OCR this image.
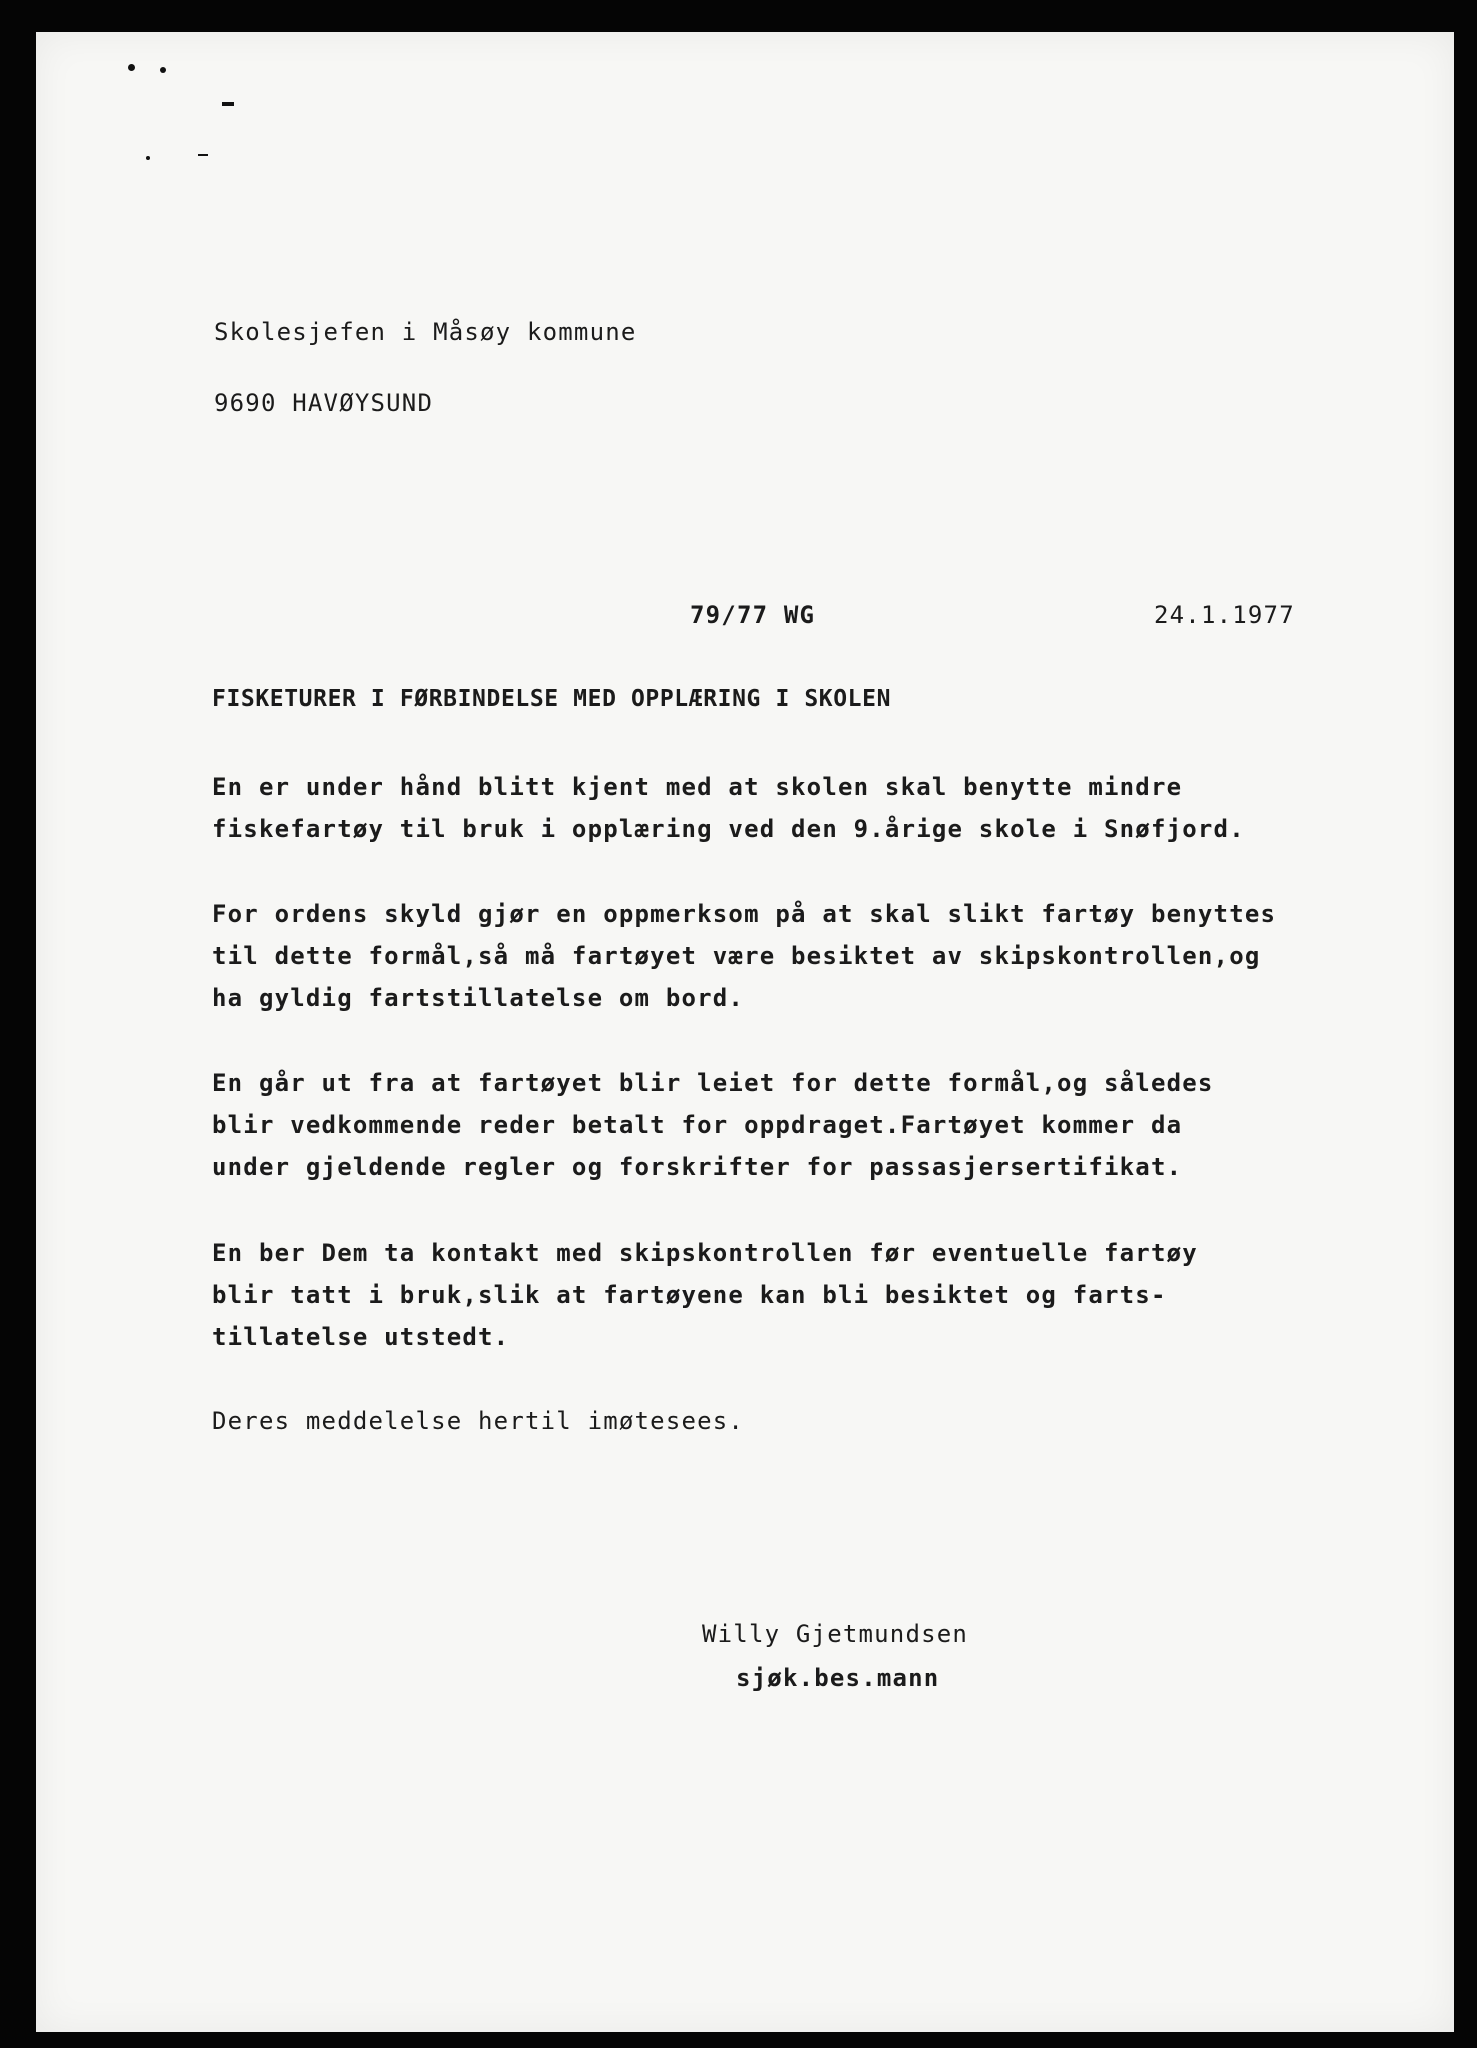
Skolesjefen i Måsøy kommune

9690 HAVØYSUND

79/77 WG	24.1.1977

FISKETURER I FØRBINDELSE MED OPPLÆRING I SKOLEN

En er under hånd blitt kjent med at skolen skal benytte mindre
fiskefartøy til bruk i opplæring ved den 9.årige skole i Snøfjord.
For ordens skyld gjør en oppmerksom på at skal slikt fartøy benyttes
til dette formål,så må fartøyet være besiktet av skipskontrollen,og
ha gyldig fartstillatelse om bord.
En går ut fra at fartøyet blir leiet for dette formål,og således
blir vedkommende reder betalt for oppdraget.Fartøyet kommer da
under gjeldende regler og forskrifter for passasjersertifikat.
En ber Dem ta kontakt med skipskontrollen før eventuelle fartøy
blir tatt i bruk,slik at fartøyene kan bli besiktet og farts-
tillatelse utstedt.
Deres meddelelse hertil imøtesees.

Willy Gjetmundsen

sjøk.bes.mann
